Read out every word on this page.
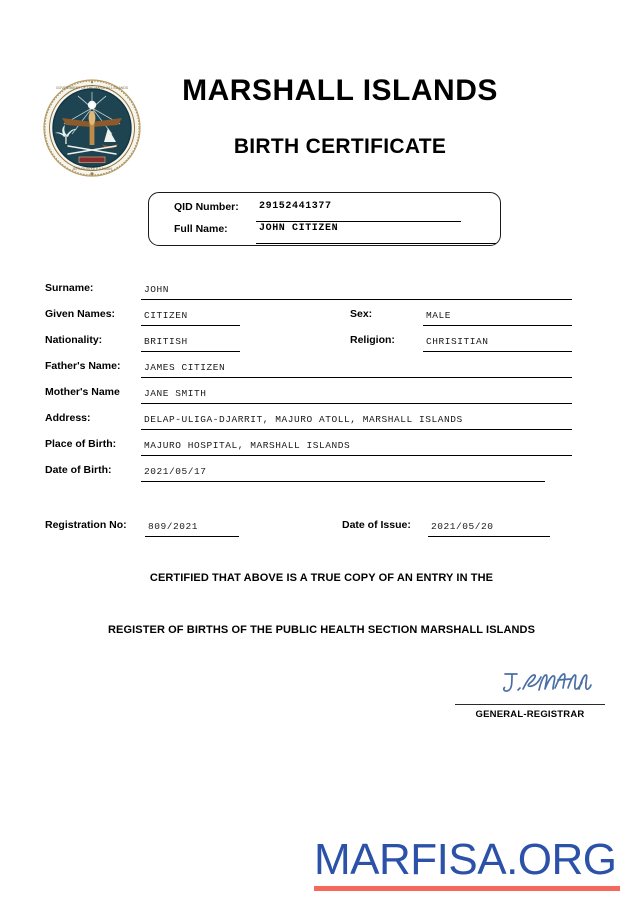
GOVERNMENT OF THE MARSHALL ISLANDS
JEPILPILIN KE EJUKAAN
MARSHALL ISLANDS
BIRTH CERTIFICATE
QID Number: 29152441377
Full Name:	JOHN CITIZEN
Surname:	JOHN
Given Names:	CITIZEN	Sex:	MALE
Nationality:	BRITISH	Religion:	CHRISITIAN
Father's Name: JAMES CITIZEN
Mother's Name	JANE SMITH
Address:	DELAP-ULIGA-DJARRIT, MAJURO ATOLL, MARSHALL ISLANDS
Place of Birth:	MAJURO HOSPITAL, MARSHALL ISLANDS
Date of Birth:	2021/05/17
Registration No: 809/2021	Date of Issue: 2021/05/20
CERTIFIED THAT ABOVE IS A TRUE COPY OF AN ENTRY IN THE
REGISTER OF BIRTHS OF THE PUBLIC HEALTH SECTION MARSHALL ISLANDS
GENERAL-REGISTRAR
MARFISA.ORG
